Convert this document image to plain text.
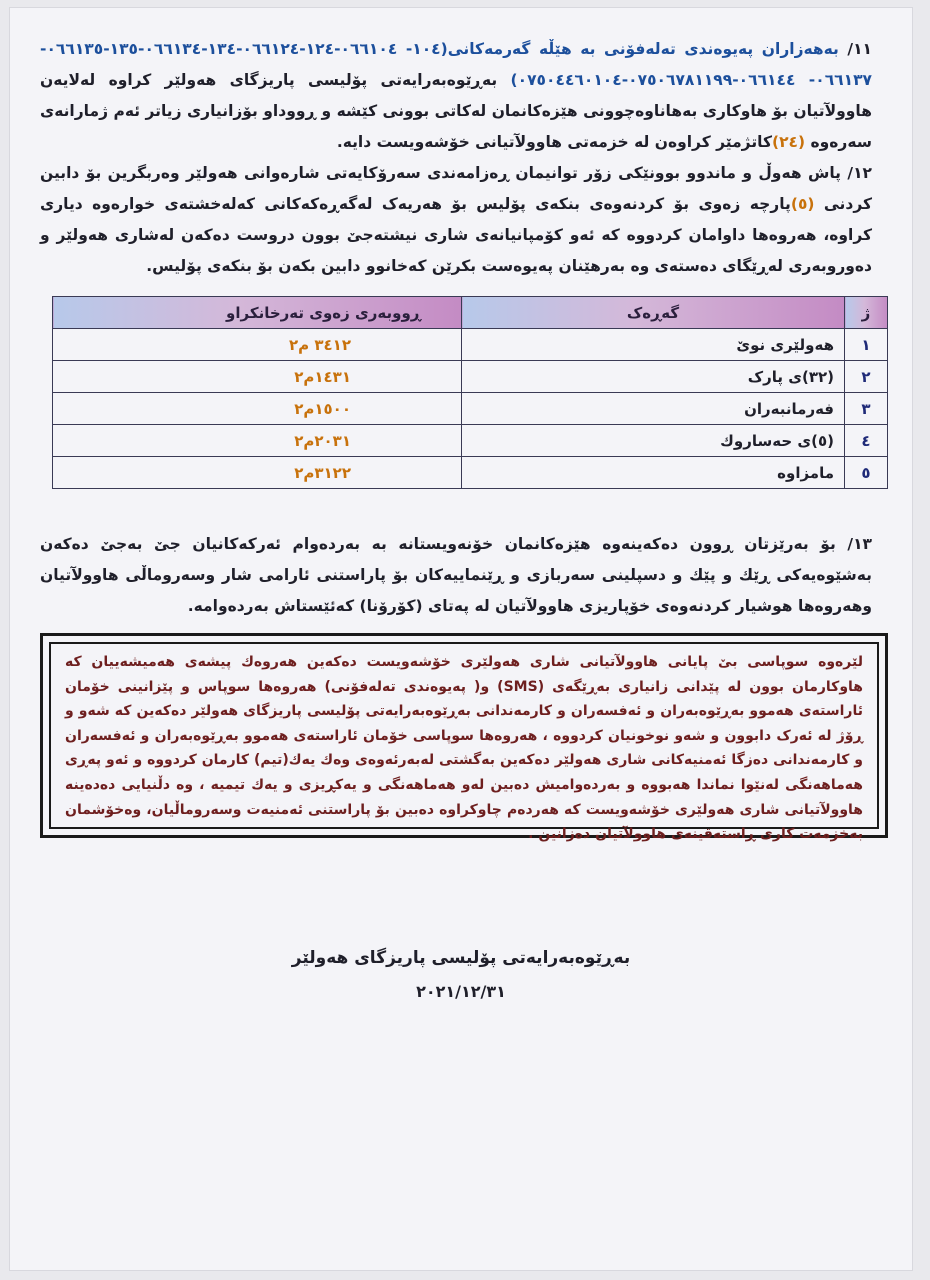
١١/ بەهەزاران پەیوەندی تەلەفۆنی بە هێڵە گەرمەکانی(١٠٤- ٠٦٦١٠٤-١٢٤-٠٦٦١٢٤-١٣٤-٠٦٦١٣٤-١٣٥-٠٦٦١٣٥- ٠٦٦١٣٧- ٠٦٦١٤٤-٠٧٥٠٦٧٨١١٩٩-٠٧٥٠٤٤٦٠١٠٤) بەڕێوەبەرایەتی پۆلیسی پاریزگای هەولێر کراوە لەلایەن هاوولآتیان بۆ هاوکاری بەهاناوەچوونی هێزەکانمان لەکاتی بوونی کێشە و ڕووداو بۆزانیاری زیاتر ئەم ژمارانەی سەرەوە (٢٤)کاتژمێر کراوەن لە خزمەتی هاوولآتیانی خۆشەویست دایە.

١٢/ پاش هەوڵ و ماندوو بوونێکی زۆر توانیمان ڕەزامەندی سەرۆکایەتی شارەوانی هەولێر وەربگرین بۆ دابین کردنی (٥)پارچە زەوی بۆ کردنەوەی بنکەی پۆلیس بۆ هەریەک لەگەڕەکەکانی کەلەخشتەی خوارەوە دیاری کراوە، هەروەها داوامان کردووە کە ئەو کۆمپانیانەی شاری نیشتەجێ بوون دروست دەکەن لەشاری هەولێر و دەوروبەری لەڕێگای دەستەی وە بەرهێنان پەیوەست بکرێن کەخانوو دابین بکەن بۆ بنکەی پۆلیس.

ژ	گەڕەک	ڕووبەری زەوی تەرخانکراو
١	هەولێری نوێ	٣٤١٢ م٢
٢	(٣٢)ی پارک	١٤٣١م٢
٣	فەرمانبەران	١٥٠٠م٢
٤	(٥)ی حەساروك	٢٠٣١م٢
٥	مامزاوە	٣١٢٢م٢

١٣/ بۆ بەرێزتان ڕوون دەکەینەوە هێزەکانمان خۆنەویستانە بە بەردەوام ئەرکەکانیان جێ بەجێ دەکەن بەشێوەیەکی ڕێك و پێك و دسپلینی سەربازی و ڕێنماییەکان بۆ پاراستنی ئارامی شار وسەروماڵی هاوولآتیان وهەروەها هوشیار کردنەوەی خۆپاریزی هاوولآتیان لە پەتای (کۆرۆنا) کەئێستاش بەردەوامە.

لێرەوە سوپاسی بێ پایانی هاوولآتیانی شاری هەولێری خۆشەویست دەکەین هەروەك پیشەی هەمیشەییان کە هاوکارمان بوون لە پێدانی زانیاری بەڕێگەی (SMS) و( پەیوەندی تەلەفۆنی) هەروەها سوپاس و پێزانینی خۆمان ئاراستەی هەموو بەڕێوەبەران و ئەفسەران و کارمەندانی بەڕێوەبەرایەتی پۆلیسی پاریزگای هەولێر دەکەین کە شەو و ڕۆژ لە ئەرک دابوون و شەو نوخونیان کردووە ، هەروەها سوپاسی خۆمان ئاراستەی هەموو بەڕێوەبەران و ئەفسەران و کارمەندانی دەزگا ئەمنیەکانی شاری هەولێر دەکەین بەگشتی لەبەرئەوەی وەك یەك(تیم) کارمان کردووە و ئەو پەڕی هەماهەنگی لەنێوا نماندا هەبووە و بەردەوامیش دەبین لەو هەماهەنگی و یەکڕیزی و یەك تیمیە ، وە دڵنیایی دەدەینە هاوولآتیانی شاری هەولێری خۆشەویست کە هەردەم چاوکراوە دەبین بۆ پاراستنی ئەمنیەت وسەروماڵیان، وەخۆشمان بەخزمەت کاری ڕاستەقینەی هاوولآتیان دەزانین .

بەڕێوەبەرایەتی پۆلیسی پاریزگای هەولێر
٢٠٢١/١٢/٣١
